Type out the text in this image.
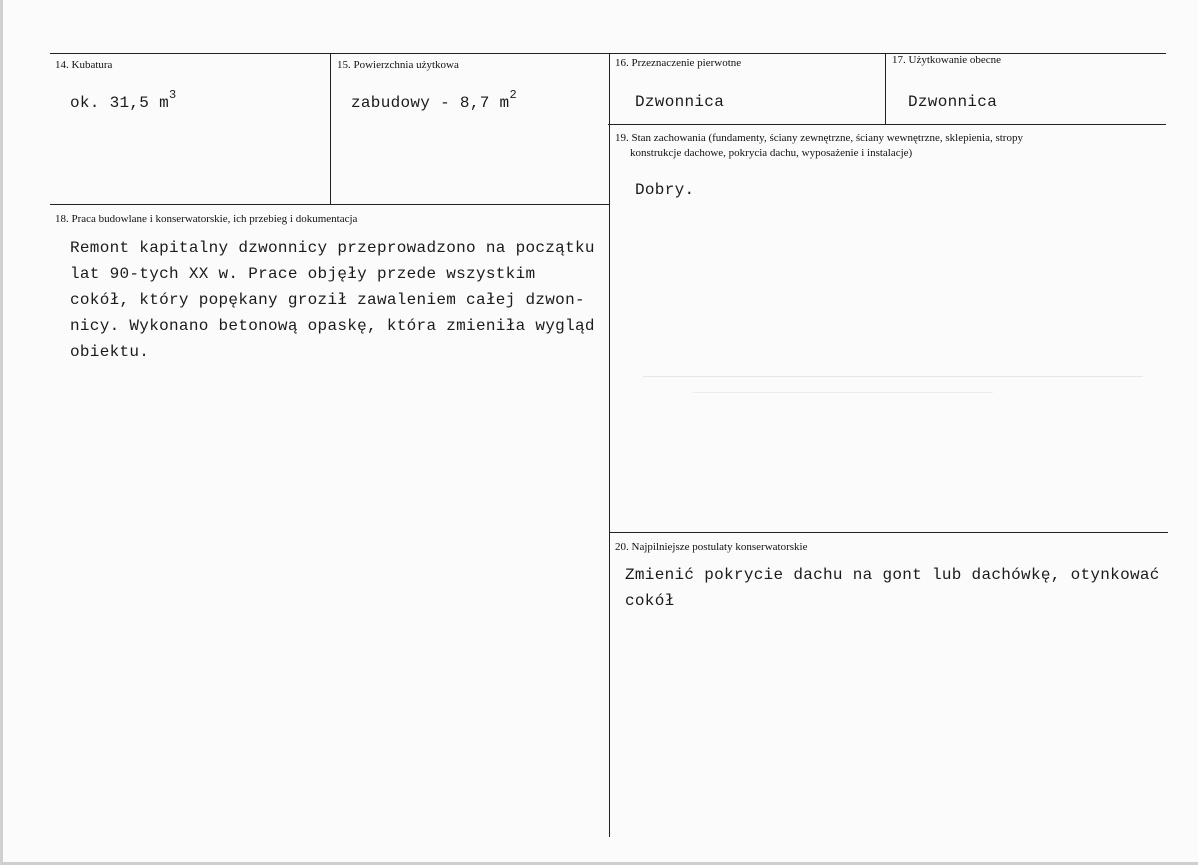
14. Kubatura
ok. 31,5 $m^3$
15. Powierzchnia użytkowa
zabudowy - 8,7 $m^2$
16. Przeznaczenie pierwotne
Dzwonnica
17. Użytkowanie obecne
Dzwonnica
19. Stan zachowania (fundamenty, ściany zewnętrzne, ściany wewnętrzne, sklepienia, stropy
konstrukcje dachowe, pokrycia dachu, wyposażenie i instalacje)
Dobry.
18. Praca budowlane i konserwatorskie, ich przebieg i dokumentacja
Remont kapitalny dzwonnicy przeprowadzono na początku
lat 90-tych XX w. Prace objęły przede wszystkim
cokół, który popękany groził zawaleniem całej dzwon-
nicy. Wykonano betonową opaskę, która zmieniła wygląd
obiektu.
20. Najpilniejsze postulaty konserwatorskie
Zmienić pokrycie dachu na gont lub dachówkę, otynkować
cokół
